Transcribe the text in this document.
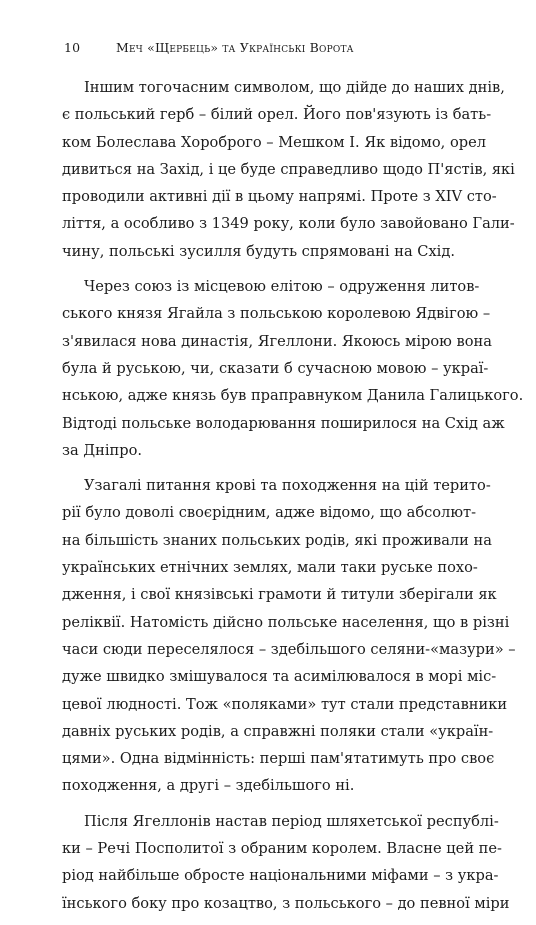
10	Меч «Щербець» та Українські Ворота

Іншим тогочасним символом, що дійде до наших днів,
є польський герб – білий орел. Його пов'язують із бать-
ком Болеслава Хороброго – Мешком I. Як відомо, орел
дивиться на Захід, і це буде справедливо щодо П'ястів, які
проводили активні дії в цьому напрямі. Проте з XIV сто-
ліття, а особливо з 1349 року, коли було завойовано Гали-
чину, польські зусилля будуть спрямовані на Схід.

Через союз із місцевою елітою – одруження литов-
ського князя Ягайла з польською королевою Ядвігою –
з'явилася нова династія, Ягеллони. Якоюсь мірою вона
була й руською, чи, сказати б сучасною мовою – украї-
нською, адже князь був праправнуком Данила Галицького.
Відтоді польське володарювання поширилося на Схід аж
за Дніпро.

Узагалі питання крові та походження на цій терито-
рії було доволі своєрідним, адже відомо, що абсолют-
на більшість знаних польських родів, які проживали на
українських етнічних землях, мали таки руське похо-
дження, і свої князівські грамоти й титули зберігали як
реліквії. Натомість дійсно польське населення, що в різні
часи сюди переселялося – здебільшого селяни-«мазури» –
дуже швидко змішувалося та асимілювалося в морі міс-
цевої людності. Тож «поляками» тут стали представники
давніх руських родів, а справжні поляки стали «україн-
цями». Одна відмінність: перші пам'ятатимуть про своє
походження, а другі – здебільшого ні.

Після Ягеллонів настав період шляхетської республі-
ки – Речі Посполитої з обраним королем. Власне цей пе-
ріод найбільше обросте національними міфами – з укра-
їнського боку про козацтво, з польського – до певної міри
